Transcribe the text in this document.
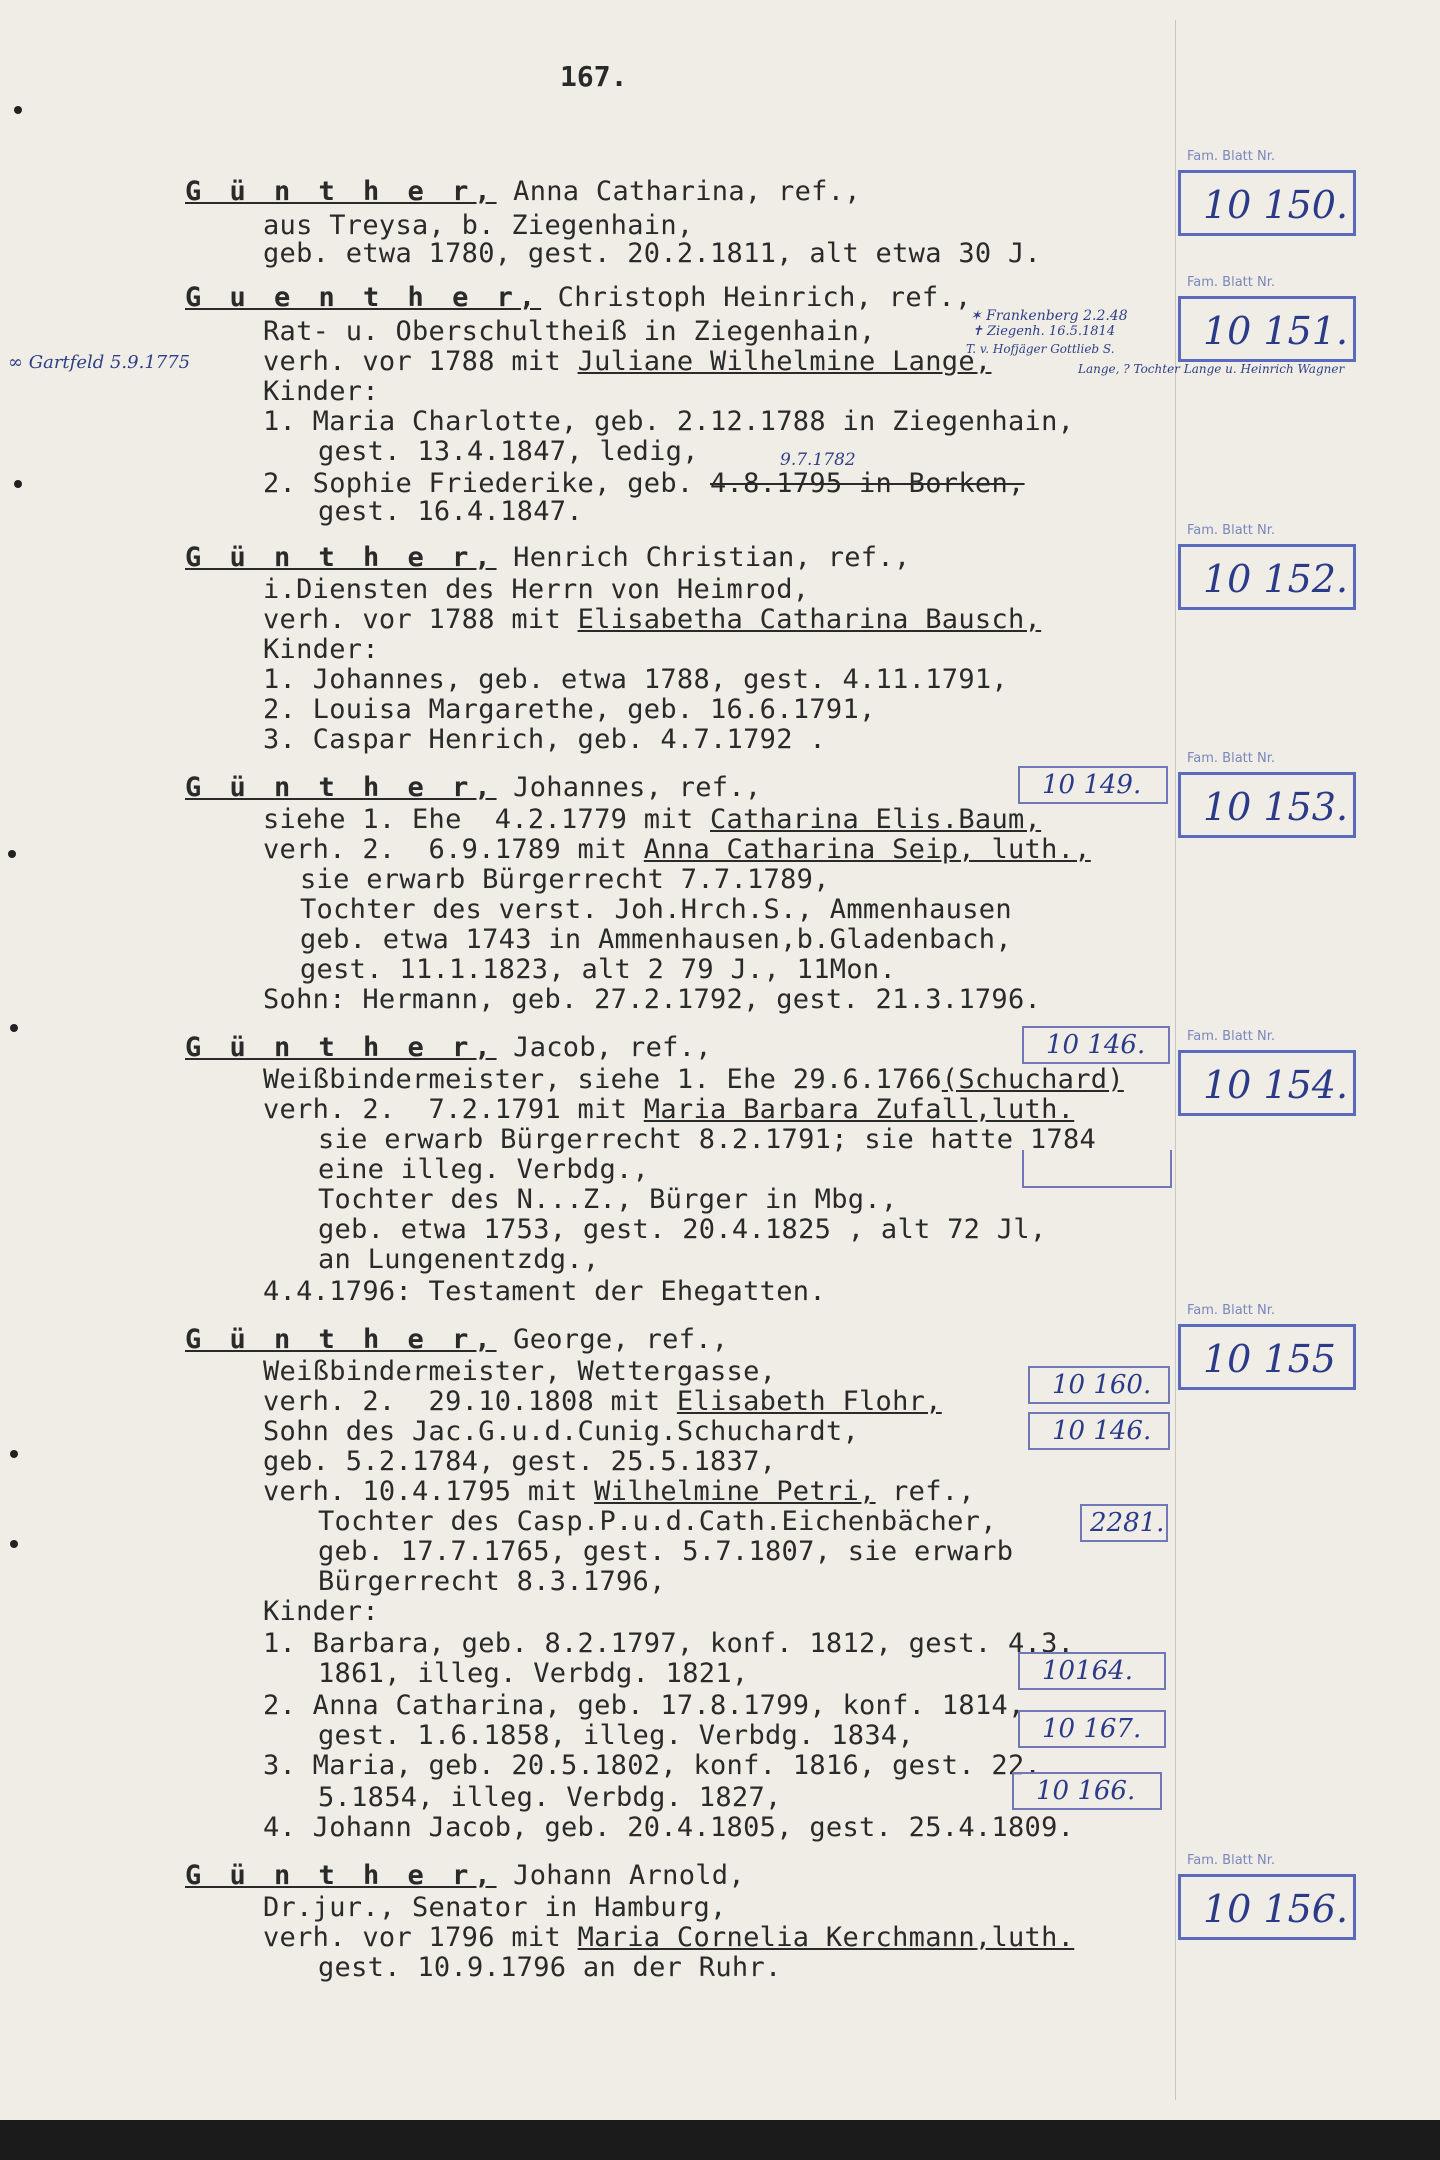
167.
G ü n t h e r, Anna Catharina, ref.,
aus Treysa, b. Ziegenhain,
geb. etwa 1780, gest. 20.2.1811, alt etwa 30 J.
G u e n t h e r, Christoph Heinrich, ref.,
Rat- u. Oberschultheiß in Ziegenhain,
verh. vor 1788 mit Juliane Wilhelmine Lange,
Kinder:
1. Maria Charlotte, geb. 2.12.1788 in Ziegenhain,
gest. 13.4.1847, ledig,
2. Sophie Friederike, geb. 4.8.1795 in Borken,
gest. 16.4.1847.
G ü n t h e r, Henrich Christian, ref.,
i.Diensten des Herrn von Heimrod,
verh. vor 1788 mit Elisabetha Catharina Bausch,
Kinder:
1. Johannes, geb. etwa 1788, gest. 4.11.1791,
2. Louisa Margarethe, geb. 16.6.1791,
3. Caspar Henrich, geb. 4.7.1792 .
G ü n t h e r, Johannes, ref.,
siehe 1. Ehe  4.2.1779 mit Catharina Elis.Baum,
verh. 2.  6.9.1789 mit Anna Catharina Seip, luth.,
sie erwarb Bürgerrecht 7.7.1789,
Tochter des verst. Joh.Hrch.S., Ammenhausen
geb. etwa 1743 in Ammenhausen,b.Gladenbach,
gest. 11.1.1823, alt 2 79 J., 11Mon.
Sohn: Hermann, geb. 27.2.1792, gest. 21.3.1796.
G ü n t h e r, Jacob, ref.,
Weißbindermeister, siehe 1. Ehe 29.6.1766(Schuchard)
verh. 2.  7.2.1791 mit Maria Barbara Zufall,luth.
sie erwarb Bürgerrecht 8.2.1791; sie hatte 1784
eine illeg. Verbdg.,
Tochter des N...Z., Bürger in Mbg.,
geb. etwa 1753, gest. 20.4.1825 , alt 72 Jl,
an Lungenentzdg.,
4.4.1796: Testament der Ehegatten.
G ü n t h e r, George, ref.,
Weißbindermeister, Wettergasse,
verh. 2.  29.10.1808 mit Elisabeth Flohr,
Sohn des Jac.G.u.d.Cunig.Schuchardt,
geb. 5.2.1784, gest. 25.5.1837,
verh. 10.4.1795 mit Wilhelmine Petri, ref.,
Tochter des Casp.P.u.d.Cath.Eichenbächer,
geb. 17.7.1765, gest. 5.7.1807, sie erwarb
Bürgerrecht 8.3.1796,
Kinder:
1. Barbara, geb. 8.2.1797, konf. 1812, gest. 4.3.
1861, illeg. Verbdg. 1821,
2. Anna Catharina, geb. 17.8.1799, konf. 1814,
gest. 1.6.1858, illeg. Verbdg. 1834,
3. Maria, geb. 20.5.1802, konf. 1816, gest. 22.
5.1854, illeg. Verbdg. 1827,
4. Johann Jacob, geb. 20.4.1805, gest. 25.4.1809.
G ü n t h e r, Johann Arnold,
Dr.jur., Senator in Hamburg,
verh. vor 1796 mit Maria Cornelia Kerchmann,luth.
gest. 10.9.1796 an der Ruhr.
∞ Gartfeld 5.9.1775
✶ Frankenberg 2.2.48
✝ Ziegenh. 16.5.1814
T. v. Hofjäger Gottlieb S.
Lange, ? Tochter Lange u. Heinrich Wagner
9.7.1782
Fam. Blatt Nr.
10 150.
Fam. Blatt Nr.
10 151.
Fam. Blatt Nr.
10 152.
Fam. Blatt Nr.
10 153.
Fam. Blatt Nr.
10 154.
Fam. Blatt Nr.
10 155
Fam. Blatt Nr.
10 156.
10 149.
10 146.
10 160.
10 146.
2281.
10164.
10 167.
10 166.
